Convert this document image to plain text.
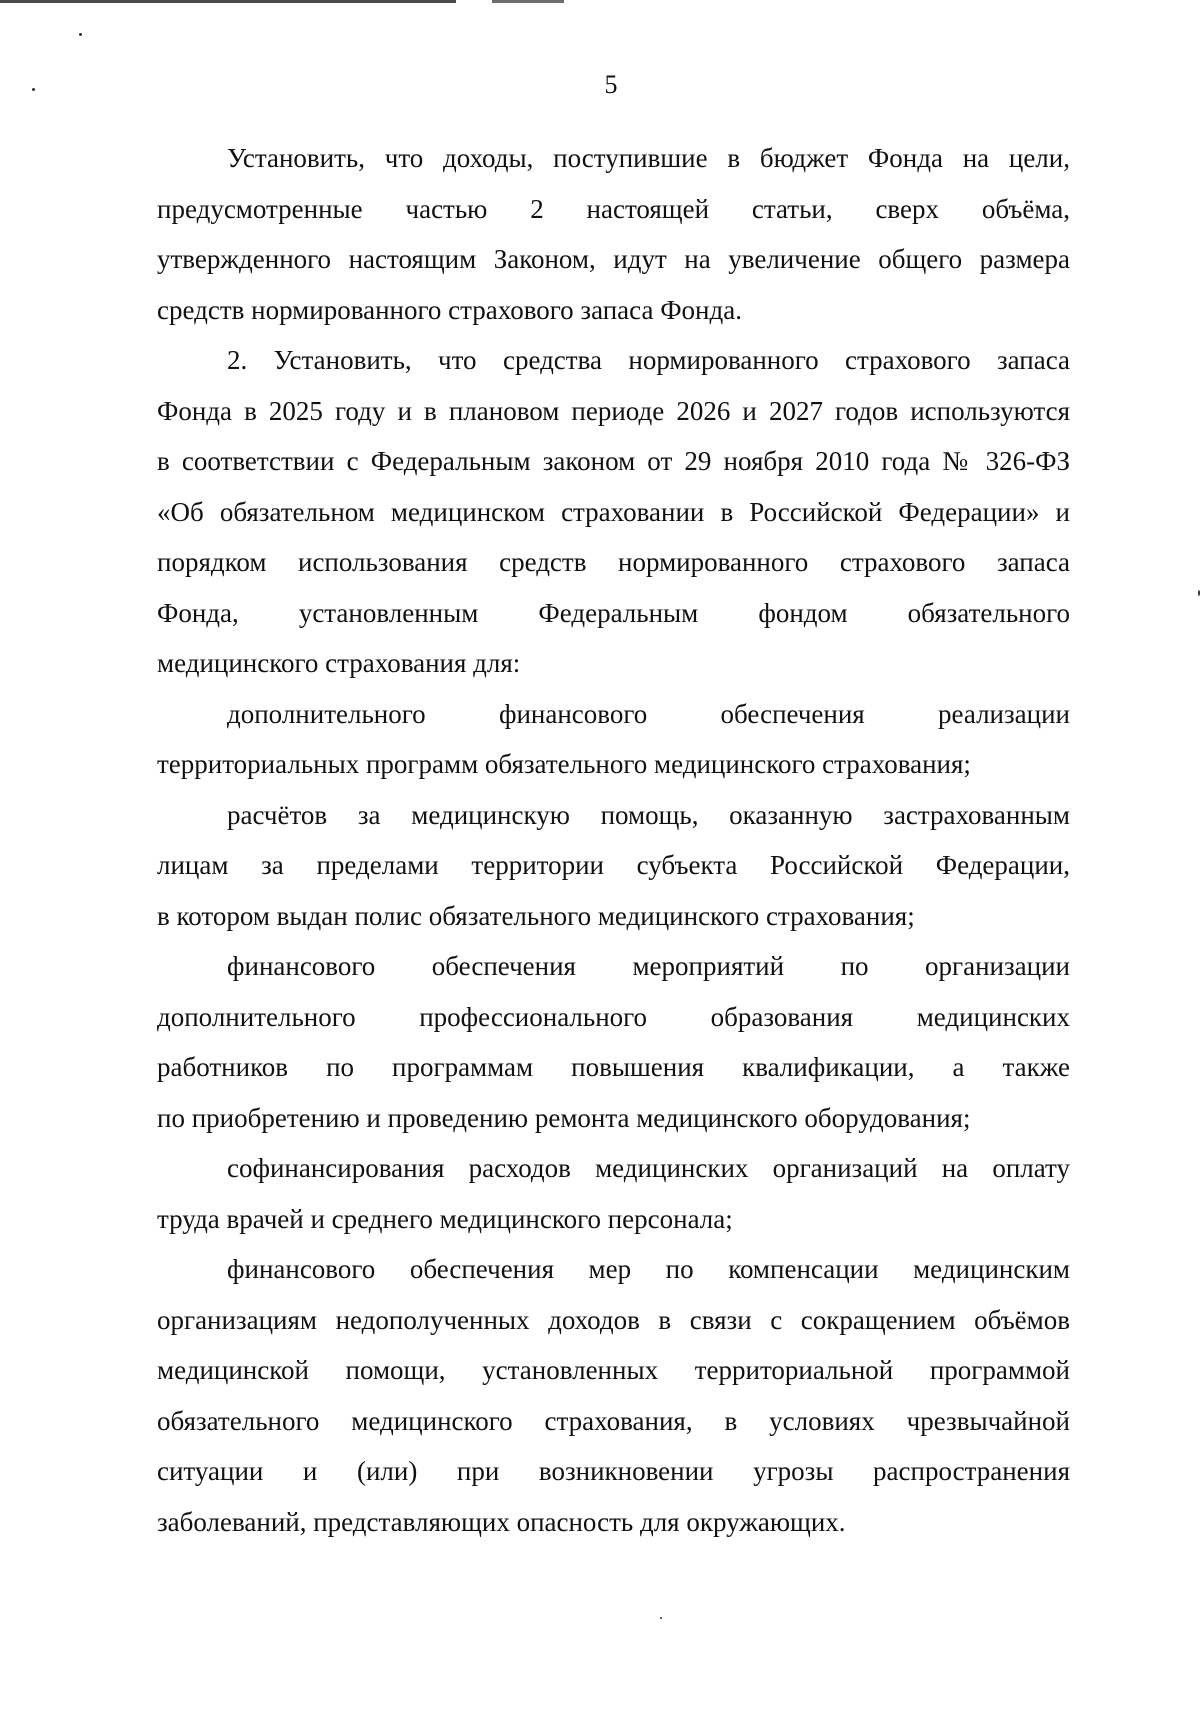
5
Установить, что доходы, поступившие в бюджет Фонда на цели,
предусмотренные частью 2 настоящей статьи, сверх объёма,
утвержденного настоящим Законом, идут на увеличение общего размера
средств нормированного страхового запаса Фонда.
2. Установить, что средства нормированного страхового запаса
Фонда в 2025 году и в плановом периоде 2026 и 2027 годов используются
в соответствии с Федеральным законом от 29 ноября 2010 года № 326-ФЗ
«Об обязательном медицинском страховании в Российской Федерации» и
порядком использования средств нормированного страхового запаса
Фонда, установленным Федеральным фондом обязательного
медицинского страхования для:
дополнительного финансового обеспечения реализации
территориальных программ обязательного медицинского страхования;
расчётов за медицинскую помощь, оказанную застрахованным
лицам за пределами территории субъекта Российской Федерации,
в котором выдан полис обязательного медицинского страхования;
финансового обеспечения мероприятий по организации
дополнительного профессионального образования медицинских
работников по программам повышения квалификации, а также
по приобретению и проведению ремонта медицинского оборудования;
софинансирования расходов медицинских организаций на оплату
труда врачей и среднего медицинского персонала;
финансового обеспечения мер по компенсации медицинским
организациям недополученных доходов в связи с сокращением объёмов
медицинской помощи, установленных территориальной программой
обязательного медицинского страхования, в условиях чрезвычайной
ситуации и (или) при возникновении угрозы распространения
заболеваний, представляющих опасность для окружающих.
